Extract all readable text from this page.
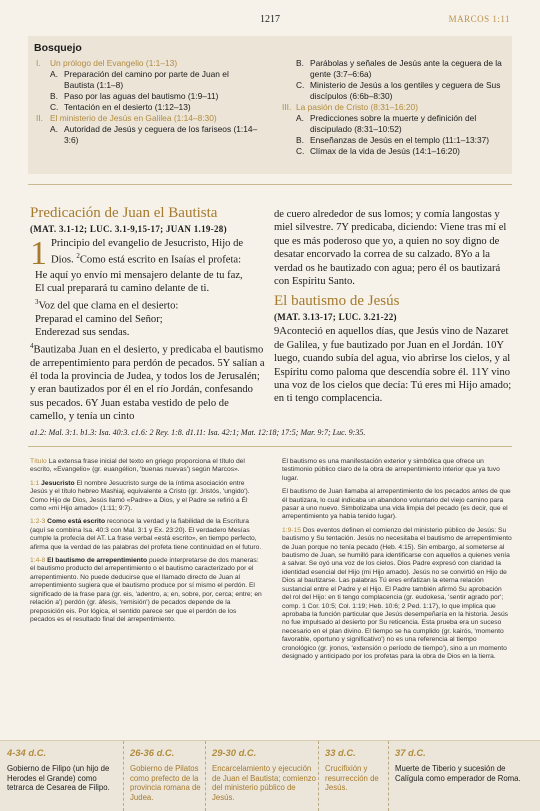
1217	MARCOS 1:11
Bosquejo
I. Un prólogo del Evangelio (1:1–13)
A. Preparación del camino por parte de Juan el Bautista (1:1–8)
B. Paso por las aguas del bautismo (1:9–11)
C. Tentación en el desierto (1:12–13)
II. El ministerio de Jesús en Galilea (1:14–8:30)
A. Autoridad de Jesús y ceguera de los fariseos (1:14–3:6)
B. Parábolas y señales de Jesús ante la ceguera de la gente (3:7–6:6a)
C. Ministerio de Jesús a los gentiles y ceguera de Sus discípulos (6:6b–8:30)
III. La pasión de Cristo (8:31–16:20)
A. Predicciones sobre la muerte y definición del discipulado (8:31–10:52)
B. Enseñanzas de Jesús en el templo (11:1–13:37)
C. Clímax de la vida de Jesús (14:1–16:20)
Predicación de Juan el Bautista
(MAT. 3.1-12; LUC. 3.1-9,15-17; JUAN 1.19-28)
1 Principio del evangelio de Jesucristo, Hijo de Dios. $^2$Como está escrito en Isaías el profeta:
He aquí yo envío mi mensajero delante de tu faz,
El cual preparará tu camino delante de ti.
$^3$Voz del que clama en el desierto:
Preparad el camino del Señor;
Enderezad sus sendas.
$^4$Bautizaba Juan en el desierto, y predicaba el bautismo de arrepentimiento para perdón de pecados. 5Y salían a él toda la provincia de Judea, y todos los de Jerusalén; y eran bautizados por él en el río Jordán, confesando sus pecados. 6Y Juan estaba vestido de pelo de camello, y tenía un cinto
de cuero alrededor de sus lomos; y comía langostas y miel silvestre. 7Y predicaba, diciendo: Viene tras mí el que es más poderoso que yo, a quien no soy digno de desatar encorvado la correa de su calzado. 8Yo a la verdad os he bautizado con agua; pero él os bautizará con Espíritu Santo.
El bautismo de Jesús
(MAT. 3.13-17; LUC. 3.21-22)
9Aconteció en aquellos días, que Jesús vino de Nazaret de Galilea, y fue bautizado por Juan en el Jordán. 10Y luego, cuando subía del agua, vio abrirse los cielos, y al Espíritu como paloma que descendía sobre él. 11Y vino una voz de los cielos que decía: Tú eres mi Hijo amado; en ti tengo complacencia.
a1.2: Mal. 3:1. b1.3: Isa. 40:3. c1.6: 2 Rey. 1:8. d1.11: Isa. 42:1; Mat. 12:18; 17:5; Mar. 9:7; Luc. 9:35.

Título La extensa frase inicial del texto en griego proporciona el título del escrito, «Evangelio» (gr. euangélion, 'buenas nuevas') según Marcos».

1:1 Jesucristo El nombre Jesucristo surge de la íntima asociación entre Jesús y el título hebreo Mashiaj, equivalente a Cristo (gr. Jristós, 'ungido'). Como Hijo de Dios, Jesús llamó «Padre» a Dios, y el Padre se refirió a Él como «mi Hijo amado» (1:11; 9:7).

1:2-3 Como está escrito reconoce la verdad y la fiabilidad de la Escritura (aquí se combina Isa. 40:3 con Mal. 3:1 y Ex. 23:20). El verdadero Mesías cumple la profecía del AT. La frase verbal «está escrito», en tiempo perfecto, afirma que la verdad de las palabras del profeta tiene continuidad en el futuro.

1:4-8 El bautismo de arrepentimiento puede interpretarse de dos maneras: el bautismo producto del arrepentimiento o el bautismo caracterizado por el arrepentimiento. No puede deducirse que el llamado directo de Juan al arrepentimiento sugiera que el bautismo produce por sí mismo el perdón. El significado de la frase para (gr. eis, 'adentro, a; en, sobre, por, cerca; entre; en relación a') perdón (gr. áfesis, 'remisión') de pecados depende de la preposición eis. Por lógica, el sentido parece ser que el perdón de los pecados es el resultado final del arrepentimiento.

El bautismo es una manifestación exterior y simbólica que ofrece un testimonio público claro de la obra de arrepentimiento interior que ya tuvo lugar.

El bautismo de Juan llamaba al arrepentimiento de los pecados antes de que él bautizara, lo cual indicaba un abandono voluntario del viejo camino para pasar a uno nuevo. Simbolizaba una vida limpia del pecado (es decir, que el arrepentimiento ya había tenido lugar).

1:9-15 Dos eventos definen el comienzo del ministerio público de Jesús: Su bautismo y Su tentación. Jesús no necesitaba el bautismo de arrepentimiento de Juan porque no tenía pecado (Heb. 4:15). Sin embargo, al someterse al bautismo de Juan, se humilló para identificarse con aquellos a quienes venía a salvar. Se oyó una voz de los cielos. Dios Padre expresó con claridad la identidad esencial del Hijo (mi Hijo amado). Jesús no se convirtió en Hijo de Dios al bautizarse. Las palabras Tú eres enfatizan la eterna relación sustancial entre el Padre y el Hijo. El Padre también afirmó Su aprobación del rol del Hijo: en ti tengo complacencia (gr. eudokesa, 'sentir agrado por'; comp. 1 Cor. 10:5; Col. 1:19; Heb. 10:6; 2 Ped. 1:17), lo que implica que aprobaba la función particular que Jesús desempeñaría en la historia. Jesús no fue impulsado al desierto por Su reticencia. Esta prueba era un suceso necesario en el plan divino. El tiempo se ha cumplido (gr. kairós, 'momento favorable, oportuno y significativo') no es una referencia al tiempo cronológico (gr. jronos, 'extensión o período de tiempo'), sino a un momento designado y anticipado por los profetas para la obra de Dios en la tierra.

4-34 d.C.
Gobierno de Filipo (un hijo de Herodes el Grande) como tetrarca de Cesarea de Filipo.
26-36 d.C.
Gobierno de Pilatos como prefecto de la provincia romana de Judea.
29-30 d.C.
Encarcelamiento y ejecución de Juan el Bautista; comienzo del ministerio público de Jesús.
33 d.C.
Crucifixión y resurrección de Jesús.
37 d.C.
Muerte de Tiberio y sucesión de Calígula como emperador de Roma.
